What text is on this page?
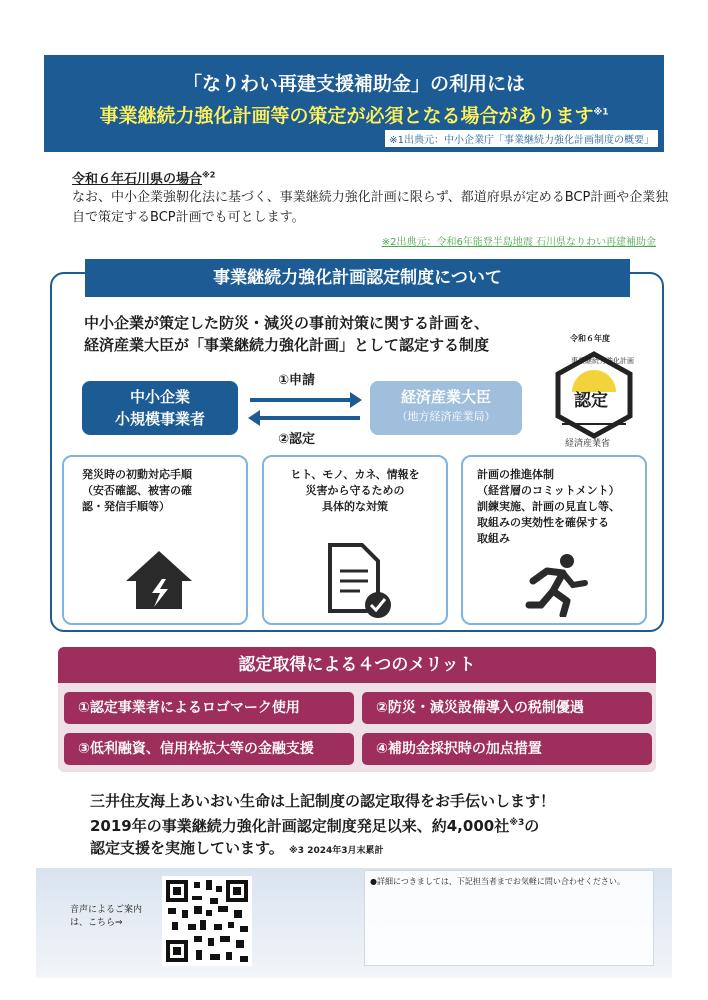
「なりわい再建支援補助金」の利用には
事業継続力強化計画等の策定が必須となる場合があります$^{※1}$
※1出典元：中小企業庁「事業継続力強化計画制度の概要」
令和６年石川県の場合$^{※2}$
なお、中小企業強靭化法に基づく、事業継続力強化計画に限らず、都道府県が定めるBCP計画や企業独自で策定するBCP計画でも可とします。
※2出典元：令和6年能登半島地震 石川県なりわい再建補助金
事業継続力強化計画認定制度について
中小企業が策定した防災・減災の事前対策に関する計画を、
経済産業大臣が「事業継続力強化計画」として認定する制度
中小企業
小規模事業者
①申請
②認定
経済産業大臣
（地方経済産業局）
令和６年度
事業継続力強化計画
認定
経済産業省
発災時の初動対応手順
（安否確認、被害の確
認・発信手順等）
ヒト、モノ、カネ、情報を
災害から守るための
具体的な対策
計画の推進体制
（経営層のコミットメント）
訓練実施、計画の見直し等、
取組みの実効性を確保する
取組み
認定取得による４つのメリット
①認定事業者によるロゴマーク使用	②防災・減災設備導入の税制優遇
③低利融資、信用枠拡大等の金融支援	④補助金採択時の加点措置
三井住友海上あいおい生命は上記制度の認定取得をお手伝いします！
2019年の事業継続力強化計画認定制度発足以来、約4,000社$^{※3}$の
認定支援を実施しています。 ※3 2024年3月末累計
音声によるご案内
は、こちら⇒
●詳細につきましては、下記担当者までお気軽に問い合わせください。
